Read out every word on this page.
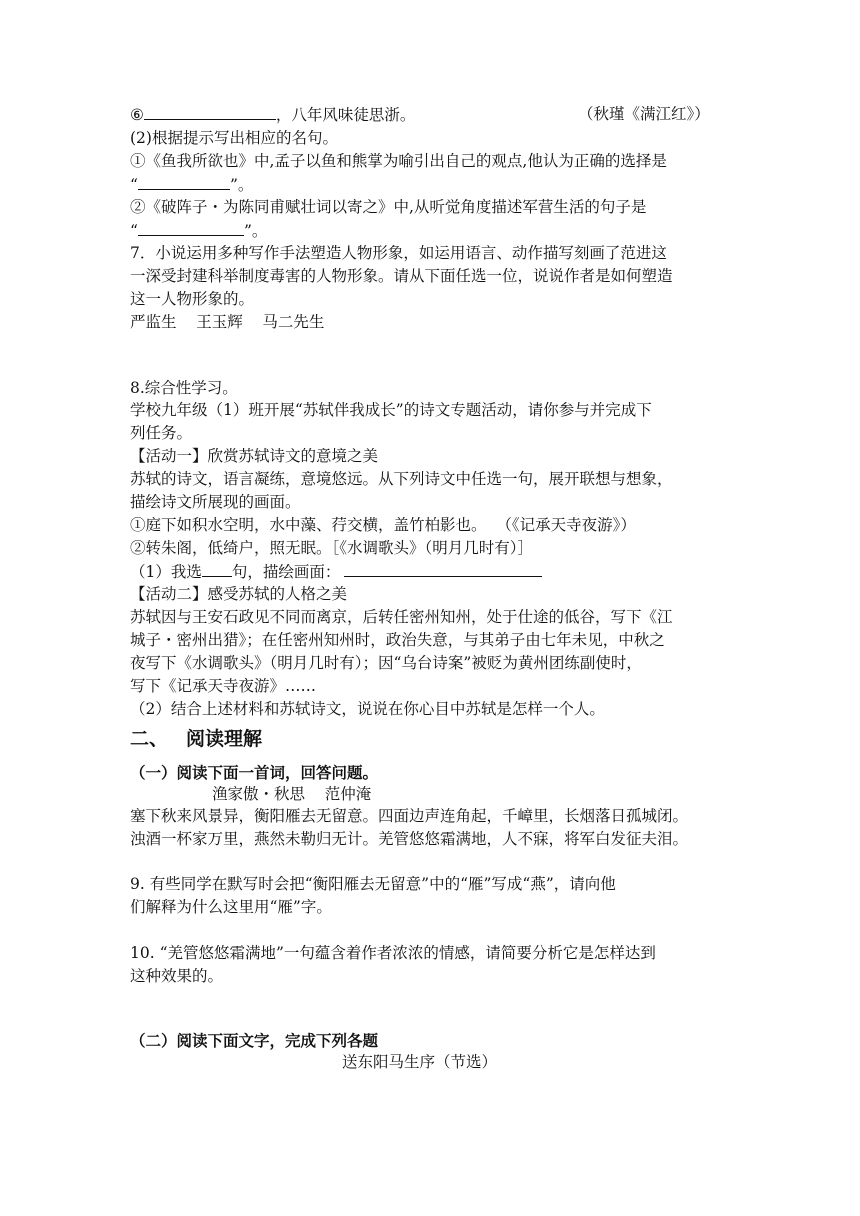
⑥	，八年风味徒思浙。	（秋瑾《满江红》）
(2)根据提示写出相应的名句。
①《鱼我所欲也》中,孟子以鱼和熊掌为喻引出自己的观点,他认为正确的选择是
“	”。
②《破阵子・为陈同甫赋壮词以寄之》中,从听觉角度描述军营生活的句子是
“	”。
7．小说运用多种写作手法塑造人物形象，如运用语言、动作描写刻画了范进这
一深受封建科举制度毒害的人物形象。请从下面任选一位，说说作者是如何塑造
这一人物形象的。
严监生    王玉辉    马二先生
8.综合性学习。
学校九年级（1）班开展“苏轼伴我成长”的诗文专题活动，请你参与并完成下
列任务。
【活动一】欣赏苏轼诗文的意境之美
苏轼的诗文，语言凝练，意境悠远。从下列诗文中任选一句，展开联想与想象，
描绘诗文所展现的画面。
①庭下如积水空明，水中藻、荇交横，盖竹柏影也。  （《记承天寺夜游》）
②转朱阁，低绮户，照无眠。［《水调歌头》（明月几时有）］
（1）我选 句，描绘画面：
【活动二】感受苏轼的人格之美
苏轼因与王安石政见不同而离京，后转任密州知州，处于仕途的低谷，写下《江
城子・密州出猎》；在任密州知州时，政治失意，与其弟子由七年未见，中秋之
夜写下《水调歌头》（明月几时有）；因“乌台诗案”被贬为黄州团练副使时，
写下《记承天寺夜游》……
（2）结合上述材料和苏轼诗文，说说在你心目中苏轼是怎样一个人。
二、 阅读理解
（一）阅读下面一首词，回答问题。
渔家傲・秋思    范仲淹
塞下秋来风景异，衡阳雁去无留意。四面边声连角起，千嶂里，长烟落日孤城闭。
浊酒一杯家万里，燕然未勒归无计。羌管悠悠霜满地，人不寐，将军白发征夫泪。
9. 有些同学在默写时会把“衡阳雁去无留意”中的“雁”写成“燕”，请向他
们解释为什么这里用“雁”字。
10. “羌管悠悠霜满地”一句蕴含着作者浓浓的情感，请简要分析它是怎样达到
这种效果的。
（二）阅读下面文字，完成下列各题
送东阳马生序（节选）
